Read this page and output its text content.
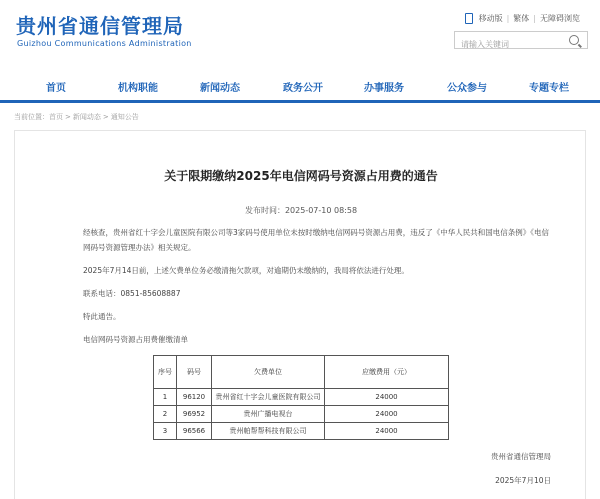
贵州省通信管理局
Guizhou Communications Administration
移动版 | 繁体 | 无障碍浏览
请输入关键词
首页	机构职能	新闻动态	政务公开	办事服务	公众参与	专题专栏
当前位置：首页 > 新闻动态 > 通知公告
关于限期缴纳2025年电信网码号资源占用费的通告
发布时间：2025-07-10 08:58
经核查，贵州省红十字会儿童医院有限公司等3家码号使用单位未按时缴纳电信网码号资源占用费，违反了《中华人民共和国电信条例》《电信网码号资源管理办法》相关规定。
2025年7月14日前，上述欠费单位务必缴清拖欠款项，对逾期仍未缴纳的，我局将依法进行处理。
联系电话：0851-85608887
特此通告。
电信网码号资源占用费催缴清单
序号	码号	欠费单位	应缴费用（元）
1	96120	贵州省红十字会儿童医院有限公司	24000
2	96952	贵州广播电视台	24000
3	96566	贵州帕帮帮科技有限公司	24000
贵州省通信管理局
2025年7月10日
